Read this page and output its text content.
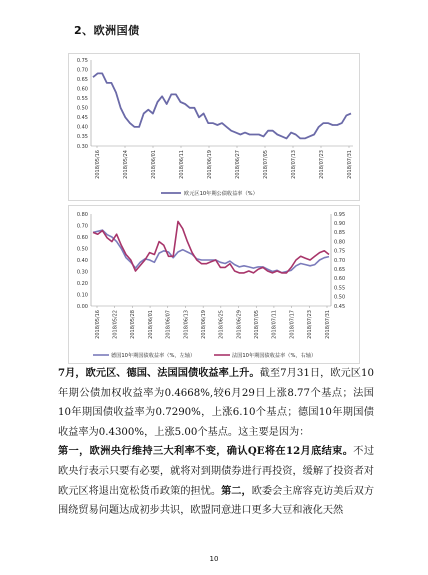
2、欧洲国债
0.75
0.70
0.65
0.60
0.55
0.50
0.45
0.40
0.35
0.30
2018/05/16	2018/05/24	2018/06/01	2018/06/11	2018/06/19	2018/06/27	2018/07/05	2018/07/13	2018/07/23	2018/07/31
欧元区10年期公债收益率（%）
0.80
0.70
0.60
0.50
0.40
0.30
0.20
0.10
0.00
0.95
0.90
0.85
0.80
0.75
0.70
0.65
0.60
0.55
0.50
0.45
2018/05/16 2018/05/22 2018/05/28 2018/06/01 2018/06/07 2018/06/13 2018/06/19 2018/06/25 2018/06/29 2018/07/05 2018/07/11 2018/07/17 2018/07/23 2018/07/31
德国10年期国债收益率（%，左轴）	法国10年期国债收益率（%，右轴）
7月，欧元区、德国、法国国债收益率上升。截至7月31日，欧元区10年期公债加权收益率为0.4668%,较6月29日上涨8.77个基点；法国10年期国债收益率为0.7290%，上涨6.10个基点；德国10年期国债收益率为0.4300%，上涨5.00个基点。这主要是因为：
第一，欧洲央行维持三大利率不变，确认QE将在12月底结束。不过欧央行表示只要有必要，就将对到期债券进行再投资，缓解了投资者对欧元区将退出宽松货币政策的担忧。第二，欧委会主席容克访美后双方围绕贸易问题达成初步共识，欧盟同意进口更多大豆和液化天然
10
